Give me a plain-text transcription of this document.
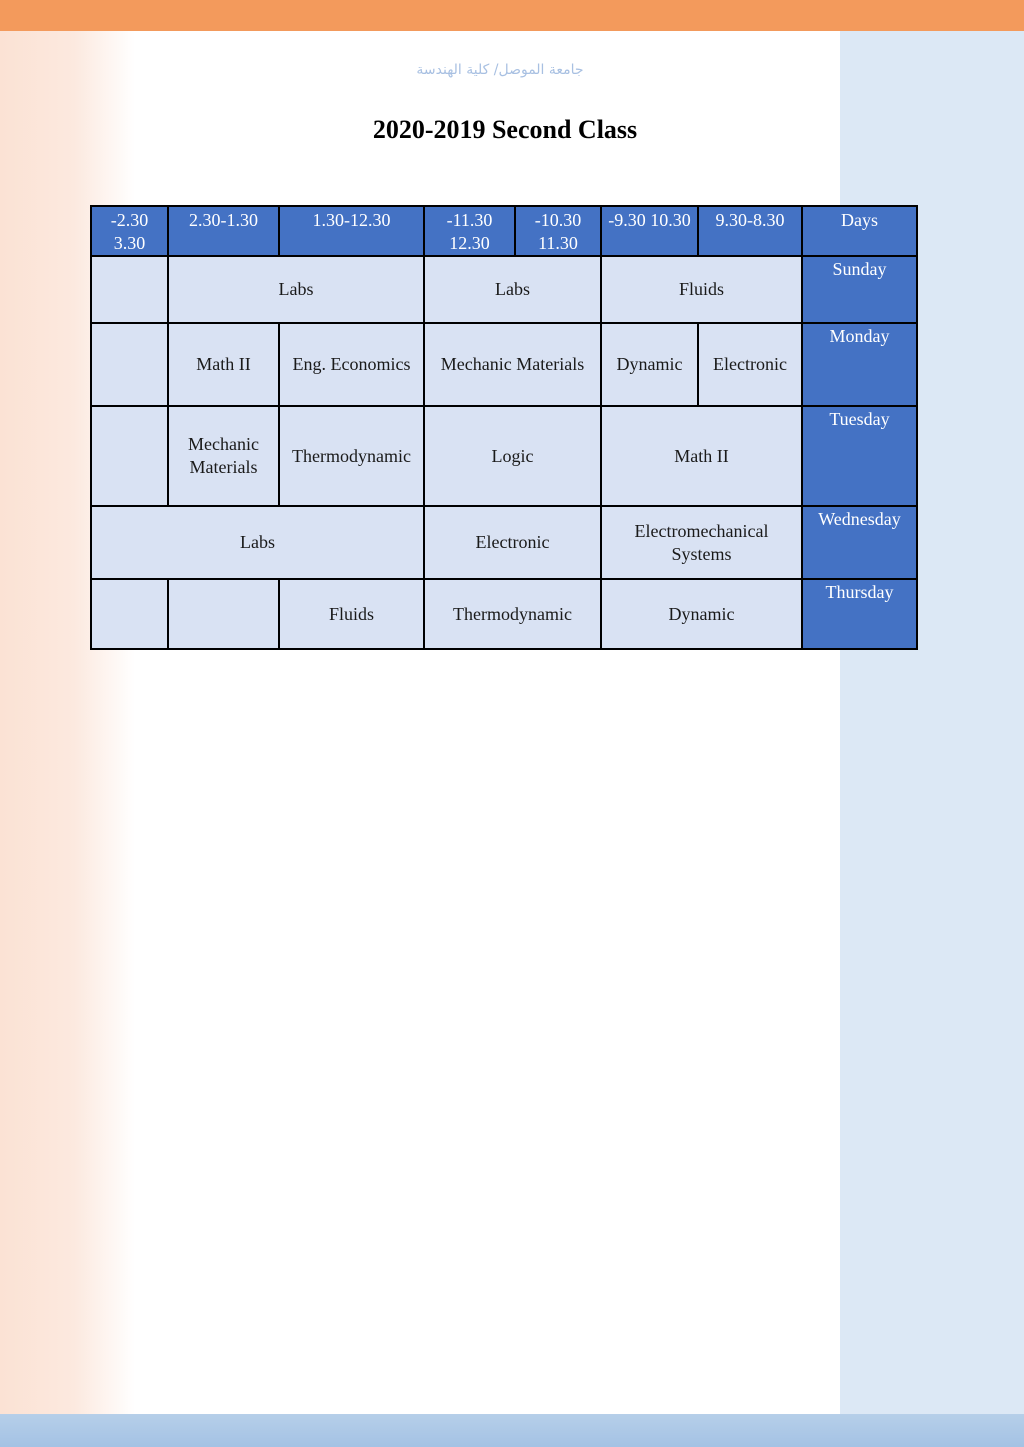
جامعة الموصل/ كلية الهندسة
2020-2019 Second Class
-2.30 3.30	2.30-1.30	1.30-12.30	-11.30 12.30	-10.30 11.30	-9.30 10.30	9.30-8.30	Days
	Labs		Labs		Fluids		Sunday
	Math II	Eng. Economics	Mechanic Materials		Dynamic	Electronic	Monday
	Mechanic Materials	Thermodynamic	Logic		Math II		Tuesday
Labs			Electronic		Electromechanical Systems		Wednesday
		Fluids	Thermodynamic		Dynamic		Thursday
